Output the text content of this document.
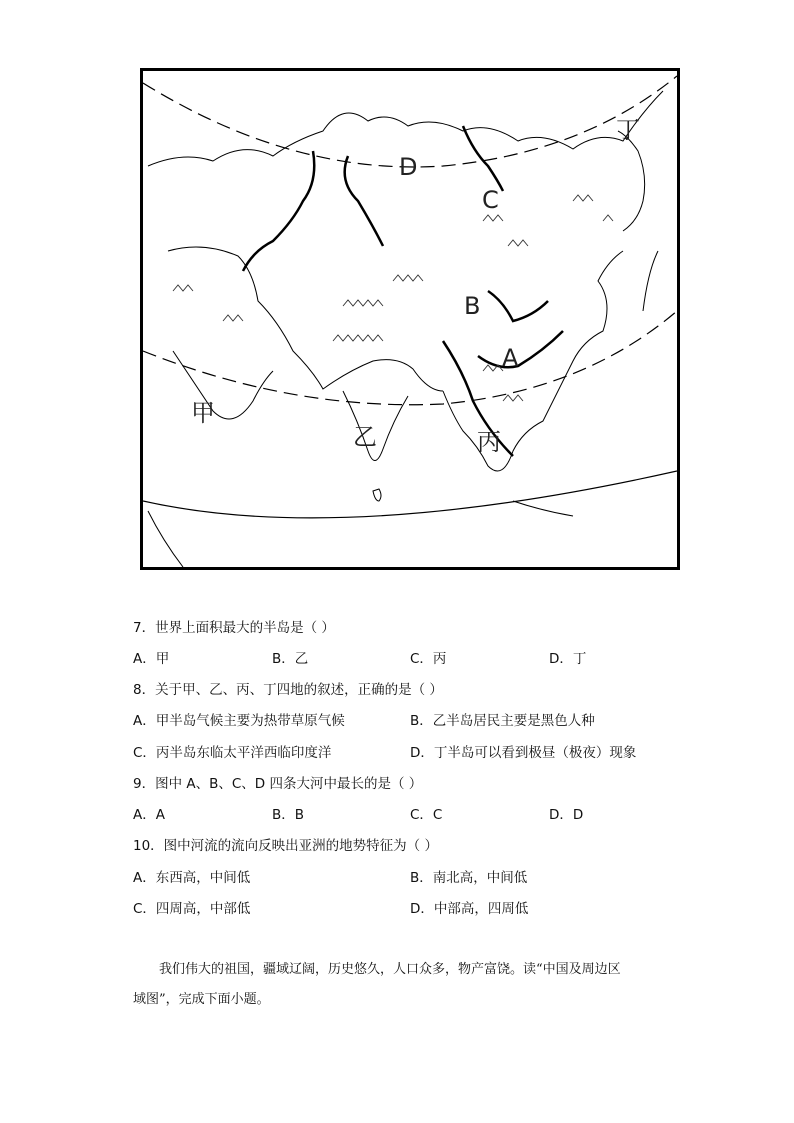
D
C
B
A
甲
乙	丙
丁
7．世界上面积最大的半岛是（ ）
A．甲	B．乙	C．丙	D．丁
8．关于甲、乙、丙、丁四地的叙述，正确的是（ ）
A．甲半岛气候主要为热带草原气候	B．乙半岛居民主要是黑色人种
C．丙半岛东临太平洋西临印度洋	D．丁半岛可以看到极昼（极夜）现象
9．图中 A、B、C、D 四条大河中最长的是（ ）
A．A	B．B	C．C	D．D
10．图中河流的流向反映出亚洲的地势特征为（ ）
A．东西高，中间低	B．南北高，中间低
C．四周高，中部低	D．中部高，四周低
我们伟大的祖国，疆域辽阔，历史悠久，人口众多，物产富饶。读“中国及周边区
域图”，完成下面小题。
